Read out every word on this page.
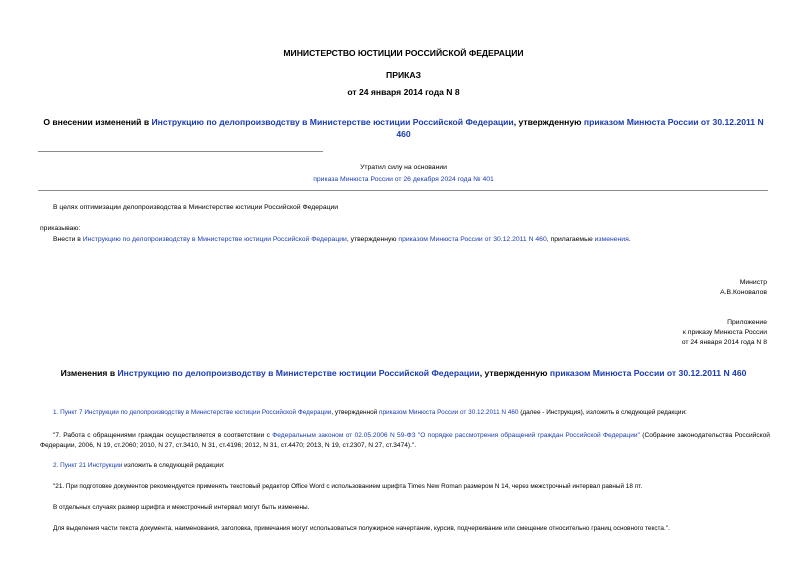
МИНИСТЕРСТВО ЮСТИЦИИ РОССИЙСКОЙ ФЕДЕРАЦИИ
ПРИКАЗ
от 24 января 2014 года N 8
О внесении изменений в Инструкцию по делопроизводству в Министерстве юстиции Российской Федерации, утвержденную приказом Минюста России от 30.12.2011 N 460
Утратил силу на основании
приказа Минюста России от 26 декабря 2024 года № 401
В целях оптимизации делопроизводства в Министерстве юстиции Российской Федерации
приказываю:
Внести в Инструкцию по делопроизводству в Министерстве юстиции Российской Федерации, утвержденную приказом Минюста России от 30.12.2011 N 460, прилагаемые изменения.
Министр
А.В.Коновалов
Приложение
к приказу Минюста России
от 24 января 2014 года N 8
Изменения в Инструкцию по делопроизводству в Министерстве юстиции Российской Федерации, утвержденную приказом Минюста России от 30.12.2011 N 460
1. Пункт 7 Инструкции по делопроизводству в Министерстве юстиции Российской Федерации, утвержденной приказом Минюста России от 30.12.2011 N 460 (далее - Инструкция), изложить в следующей редакции:
"7. Работа с обращениями граждан осуществляется в соответствии с Федеральным законом от 02.05.2006 N 59-ФЗ "О порядке рассмотрения обращений граждан Российской Федерации" (Собрание законодательства Российской Федерации, 2006, N 19, ст.2060; 2010, N 27, ст.3410, N 31, ст.4196; 2012, N 31, ст.4470; 2013, N 19, ст.2307, N 27, ст.3474).".
2. Пункт 21 Инструкции изложить в следующей редакции:
"21. При подготовке документов рекомендуется применять текстовый редактор Office Word с использованием шрифта Times New Roman размером N 14, через межстрочный интервал равный 18 пт.
В отдельных случаях размер шрифта и межстрочный интервал могут быть изменены.
Для выделения части текста документа, наименования, заголовка, примечания могут использоваться полужирное начертание, курсив, подчеркивание или смещение относительно границ основного текста.".
